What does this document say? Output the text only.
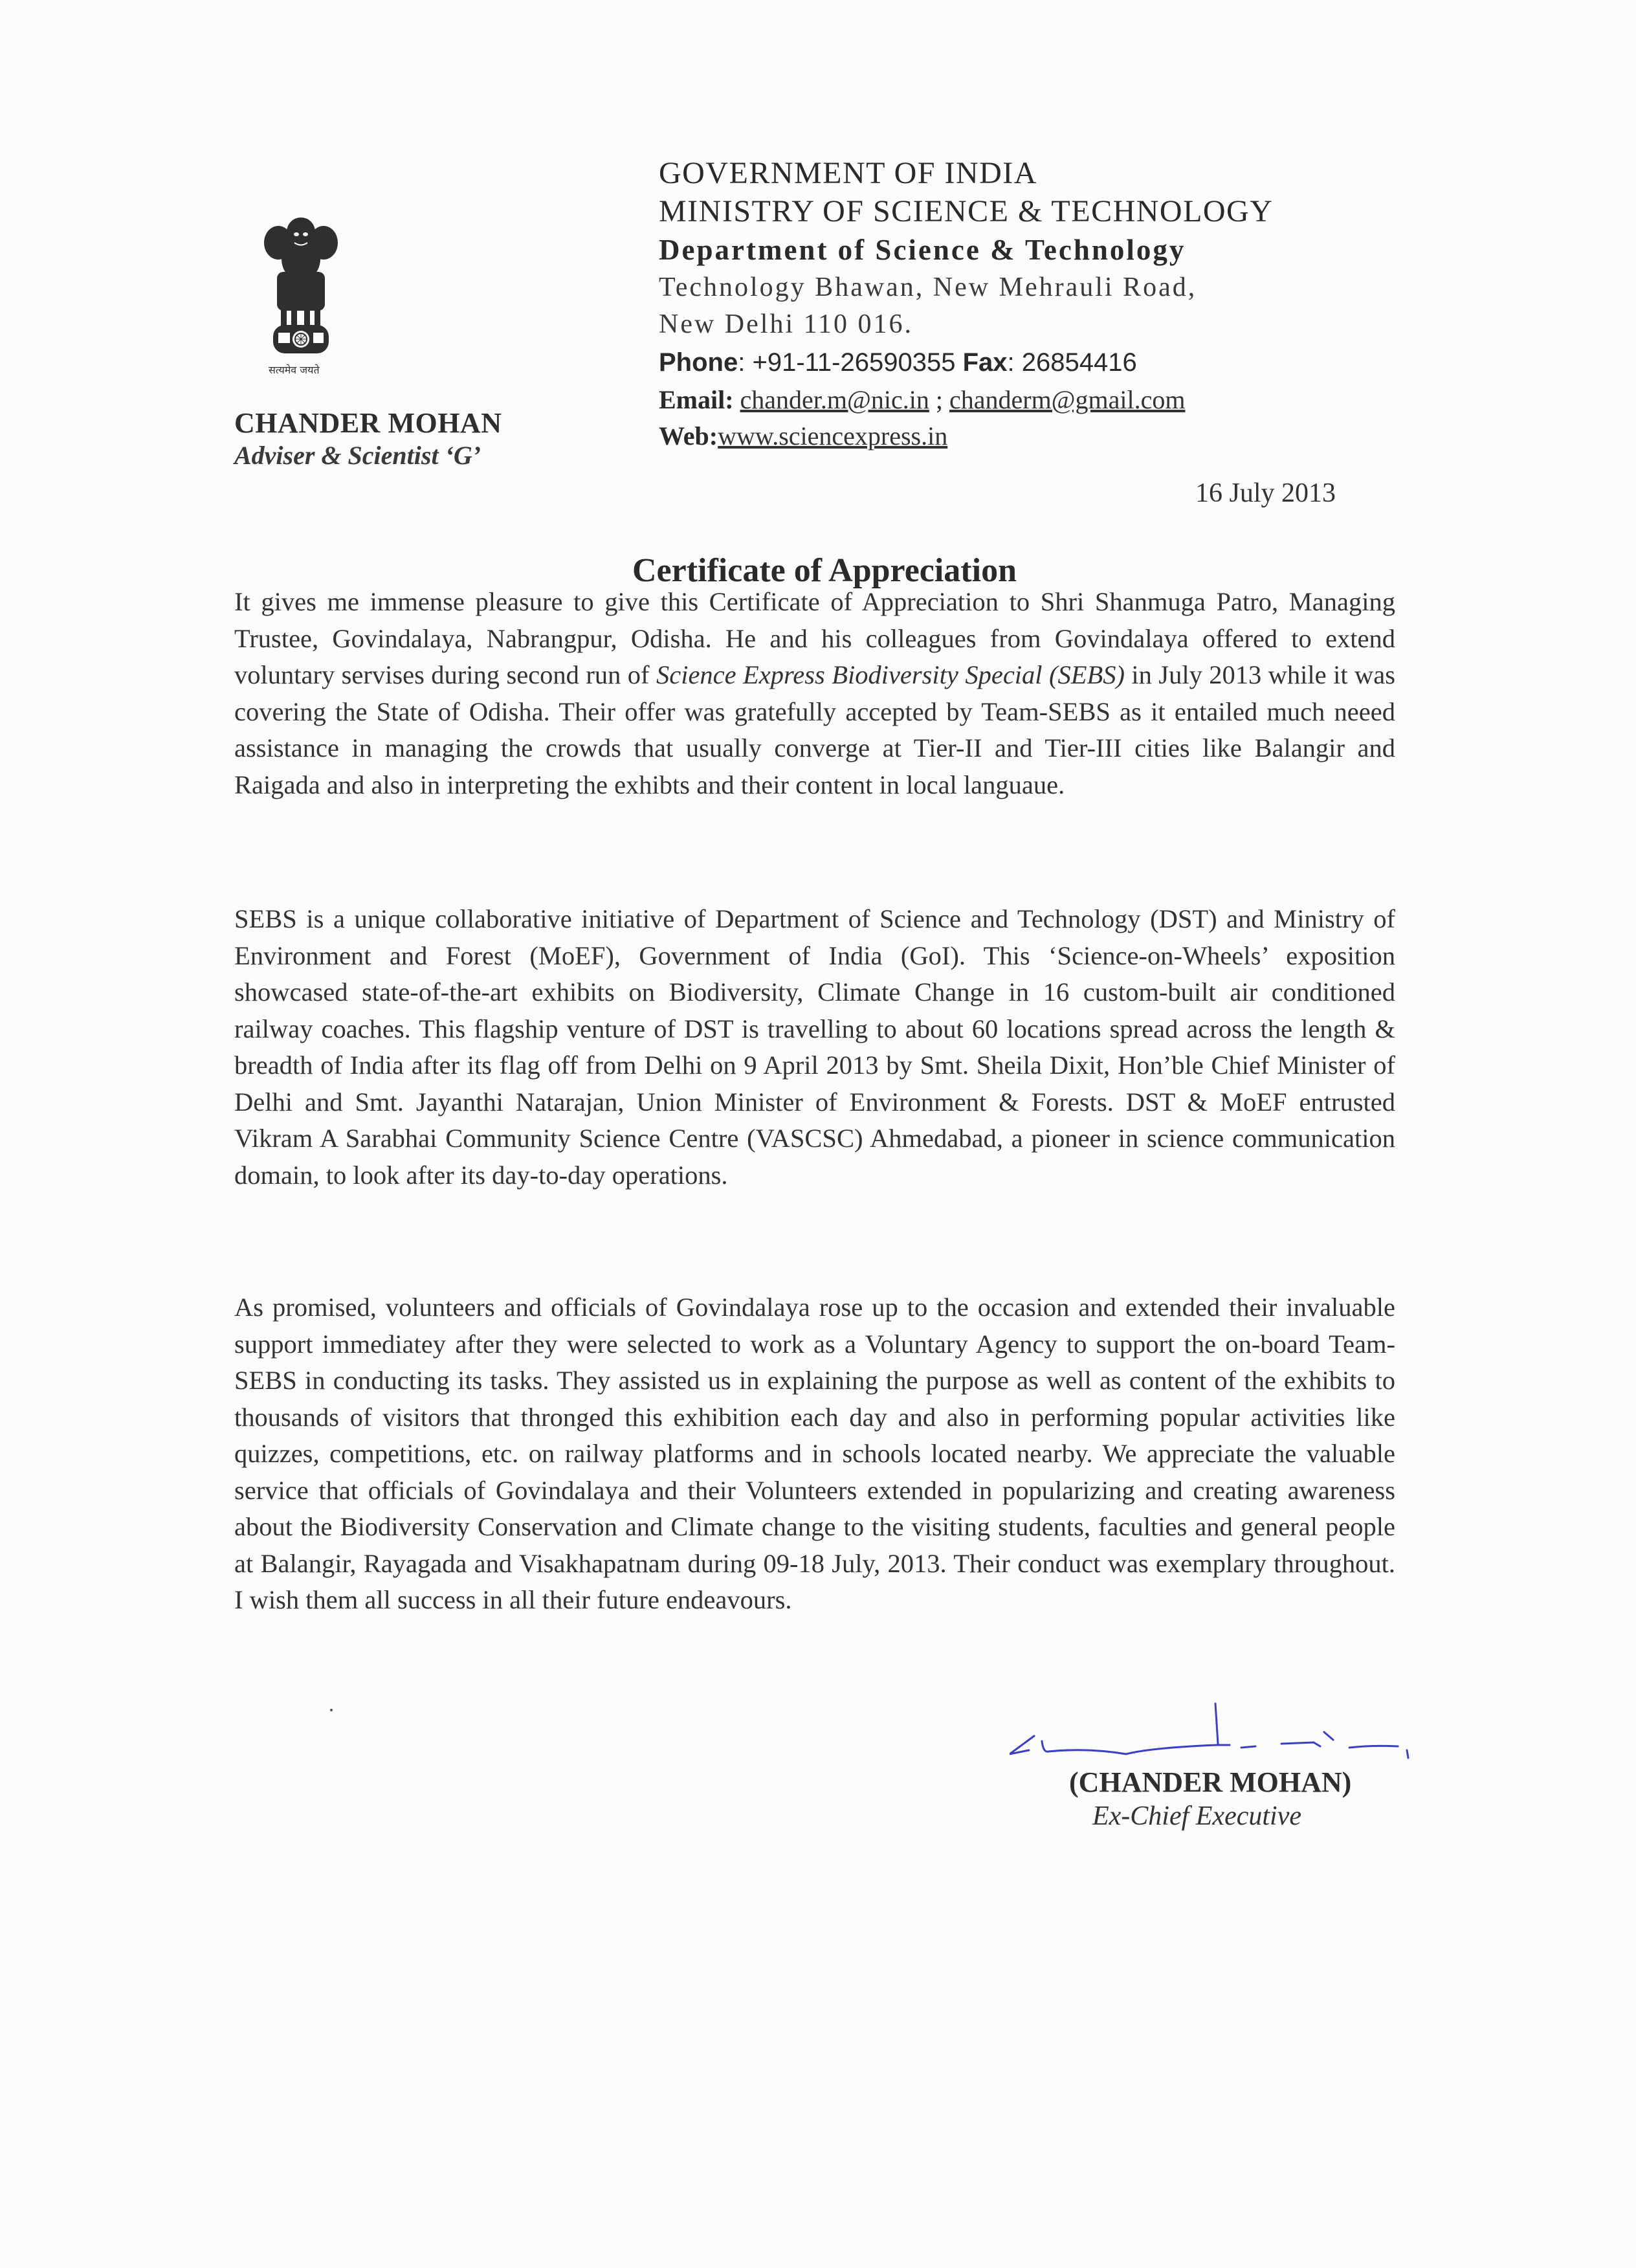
सत्यमेव जयते
CHANDER MOHAN
Adviser & Scientist ‘G’
GOVERNMENT OF INDIA
MINISTRY OF SCIENCE & TECHNOLOGY
Department of Science & Technology
Technology Bhawan, New Mehrauli Road,
New Delhi 110 016.
Phone: +91-11-26590355 Fax: 26854416
Email: chander.m@nic.in ; chanderm@gmail.com
Web:www.sciencexpress.in
16 July 2013
Certificate of Appreciation

It gives me immense pleasure to give this Certificate of Appreciation to Shri Shanmuga Patro, Managing Trustee, Govindalaya, Nabrangpur, Odisha. He and his colleagues from Govindalaya offered to extend voluntary servises during second run of Science Express Biodiversity Special (SEBS) in July 2013 while it was covering the State of Odisha. Their offer was gratefully accepted by Team-SEBS as it entailed much neeed assistance in managing the crowds that usually converge at Tier-II and Tier-III cities like Balangir and Raigada and also in interpreting the exhibts and their content in local languaue.

SEBS is a unique collaborative initiative of Department of Science and Technology (DST) and Ministry of Environment and Forest (MoEF), Government of India (GoI). This ‘Science-on-Wheels’ exposition showcased state-of-the-art exhibits on Biodiversity, Climate Change in 16 custom-built air conditioned railway coaches. This flagship venture of DST is travelling to about 60 locations spread across the length & breadth of India after its flag off from Delhi on 9 April 2013 by Smt. Sheila Dixit, Hon’ble Chief Minister of Delhi and Smt. Jayanthi Natarajan, Union Minister of Environment & Forests. DST & MoEF entrusted Vikram A Sarabhai Community Science Centre (VASCSC) Ahmedabad, a pioneer in science communication domain, to look after its day-to-day operations.

As promised, volunteers and officials of Govindalaya rose up to the occasion and extended their invaluable support immediatey after they were selected to work as a Voluntary Agency to support the on-board Team-SEBS in conducting its tasks. They assisted us in explaining the purpose as well as content of the exhibits to thousands of visitors that thronged this exhibition each day and also in performing popular activities like quizzes, competitions, etc. on railway platforms and in schools located nearby. We appreciate the valuable service that officials of Govindalaya and their Volunteers extended in popularizing and creating awareness about the Biodiversity Conservation and Climate change to the visiting students, faculties and general people at Balangir, Rayagada and Visakhapatnam during 09-18 July, 2013. Their conduct was exemplary throughout. I wish them all success in all their future endeavours.

(CHANDER MOHAN)
Ex-Chief Executive
